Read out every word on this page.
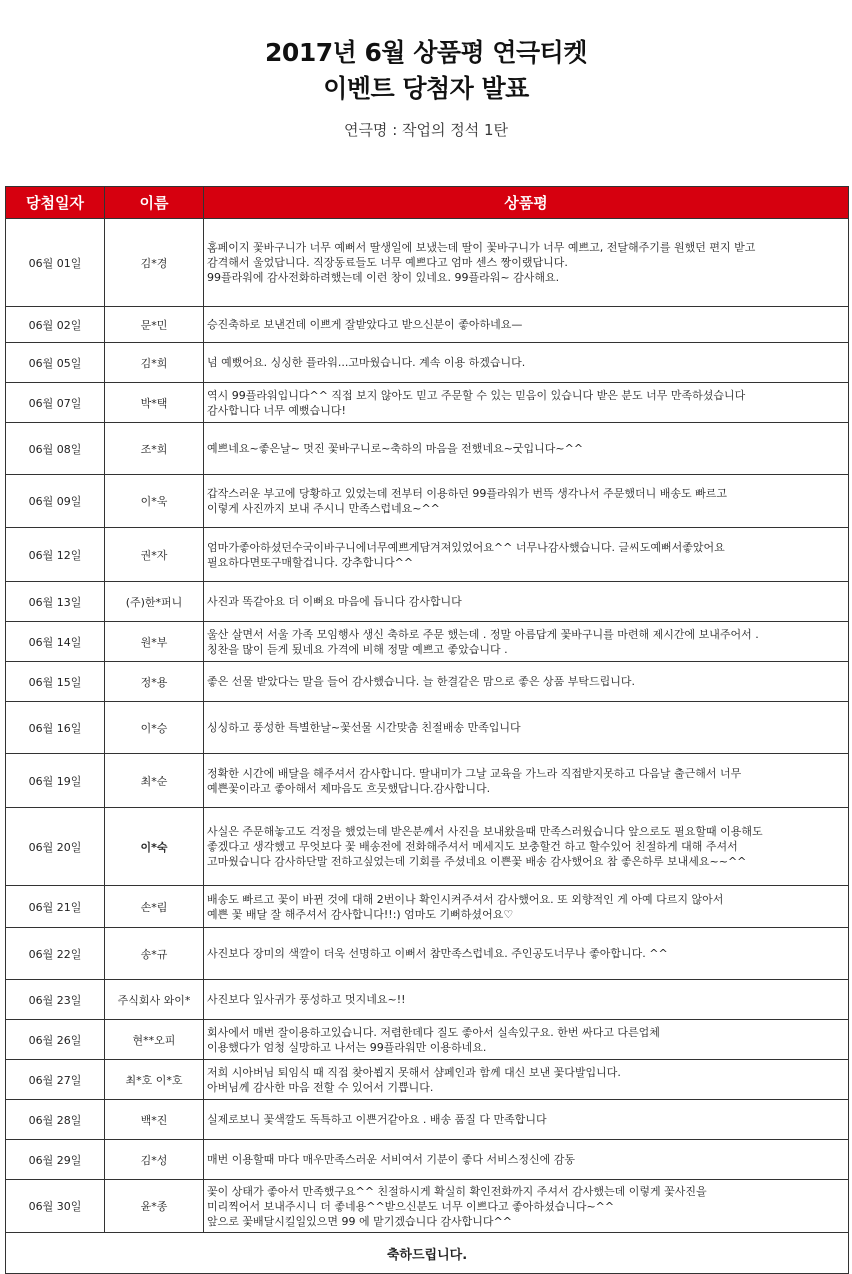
2017년 6월 상품평 연극티켓
이벤트 당첨자 발표
연극명 : 작업의 정석 1탄
당첨일자	이름	상품평
06월 01일	김*경	홈페이지 꽃바구니가 너무 예뻐서 딸생일에 보냈는데 딸이 꽃바구니가 너무 예쁘고, 전달해주기를 원했던 편지 받고
감격해서 울었답니다. 직장동료들도 너무 예쁘다고 엄마 센스 짱이랬답니다.
99플라워에 감사전화하려했는데 이런 창이 있네요. 99플라워~ 감사해요.
06월 02일	문*민	승진축하로 보낸건데 이쁘게 잘받았다고 받으신분이 좋아하네요—
06월 05일	김*희	넘 예뻤어요. 싱싱한 플라워...고마웠습니다. 계속 이용 하겠습니다.
06월 07일	박*택	역시 99플라워입니다^^ 직접 보지 않아도 믿고 주문할 수 있는 믿음이 있습니다 받은 분도 너무 만족하셨습니다
감사합니다 너무 예뻤습니다!
06월 08일	조*희	예쁘네요~좋은날~ 멋진 꽃바구니로~축하의 마음을 전했네요~굿입니다~^^
06월 09일	이*욱	갑작스러운 부고에 당황하고 있었는데 전부터 이용하던 99플라워가 번뜩 생각나서 주문했더니 배송도 빠르고
이렇게 사진까지 보내 주시니 만족스럽네요~^^
06월 12일	권*자	엄마가좋아하셨던수국이바구니에너무예쁘게담겨져있었어요^^ 너무나감사했습니다. 글씨도예뻐서좋았어요
필요하다면또구매할겁니다. 강추합니다^^
06월 13일	(주)한*퍼니	사진과 똑같아요 더 이뻐요 마음에 듭니다 감사합니다
06월 14일	원*부	울산 살면서 서울 가족 모임행사 생신 축하로 주문 했는데 . 정말 아름답게 꽃바구니를 마련해 제시간에 보내주어서 .
칭찬을 많이 듣게 됬네요 가격에 비해 정말 예쁘고 좋았습니다 .
06월 15일	정*용	좋은 선물 받았다는 말을 들어 감사했습니다. 늘 한결같은 맘으로 좋은 상품 부탁드립니다.
06월 16일	이*승	싱싱하고 풍성한 특별한날~꽃선물 시간맞춤 친절배송 만족입니다
06월 19일	최*순	정확한 시간에 배달을 해주셔서 감사합니다. 딸내미가 그날 교육을 가느라 직접받지못하고 다음날 출근해서 너무
예쁜꽃이라고 좋아해서 제마음도 흐뭇했답니다.감사합니다.
06월 20일	이*숙	사실은 주문해놓고도 걱정을 했었는데 받은분께서 사진을 보내왔을때 만족스러웠습니다 앞으로도 필요할때 이용해도
좋겠다고 생각했고 무엇보다 꽃 배송전에 전화해주셔서 메세지도 보충할건 하고 할수있어 친절하게 대해 주셔서
고마웠습니다 감사하단말 전하고싶었는데 기회를 주셨네요 이쁜꽃 배송 감사했어요 참 좋은하루 보내세요~~^^
06월 21일	손*림	배송도 빠르고 꽃이 바뀐 것에 대해 2번이나 확인시켜주셔서 감사했어요. 또 외향적인 게 아예 다르지 않아서
예쁜 꽃 배달 잘 해주셔서 감사합니다!!:) 엄마도 기뻐하셨어요♡
06월 22일	송*규	사진보다 장미의 색깔이 더욱 선명하고 이뻐서 참만족스럽네요. 주인공도너무나 좋아합니다. ^^
06월 23일	주식회사 와이*	사진보다 잎사귀가 풍성하고 멋지네요~!!
06월 26일	현**오피	회사에서 매번 잘이용하고있습니다. 저렴한데다 질도 좋아서 실속있구요. 한번 싸다고 다른업체
이용했다가 엄청 실망하고 나서는 99플라워만 이용하네요.
06월 27일	최*호 이*호	저희 시아버님 퇴임식 때 직접 찾아뵙지 못해서 샴페인과 함께 대신 보낸 꽃다발입니다.
아버님께 감사한 마음 전할 수 있어서 기쁩니다.
06월 28일	백*진	실제로보니 꽃색깔도 독특하고 이쁜거같아요 . 배송 품질 다 만족합니다
06월 29일	김*성	매번 이용할때 마다 매우만족스러운 서비여서 기분이 좋다 서비스정신에 감동
06월 30일	윤*종	꽃이 상태가 좋아서 만족했구요^^ 친절하시게 확실히 확인전화까지 주셔서 감사했는데 이렇게 꽃사진을
미리찍어서 보내주시니 더 좋네용^^받으신분도 너무 이쁘다고 좋아하셨습니다~^^
앞으로 꽃배달시킬일있으면 99 에 맡기겠습니다 감사합니다^^
축하드립니다.		
